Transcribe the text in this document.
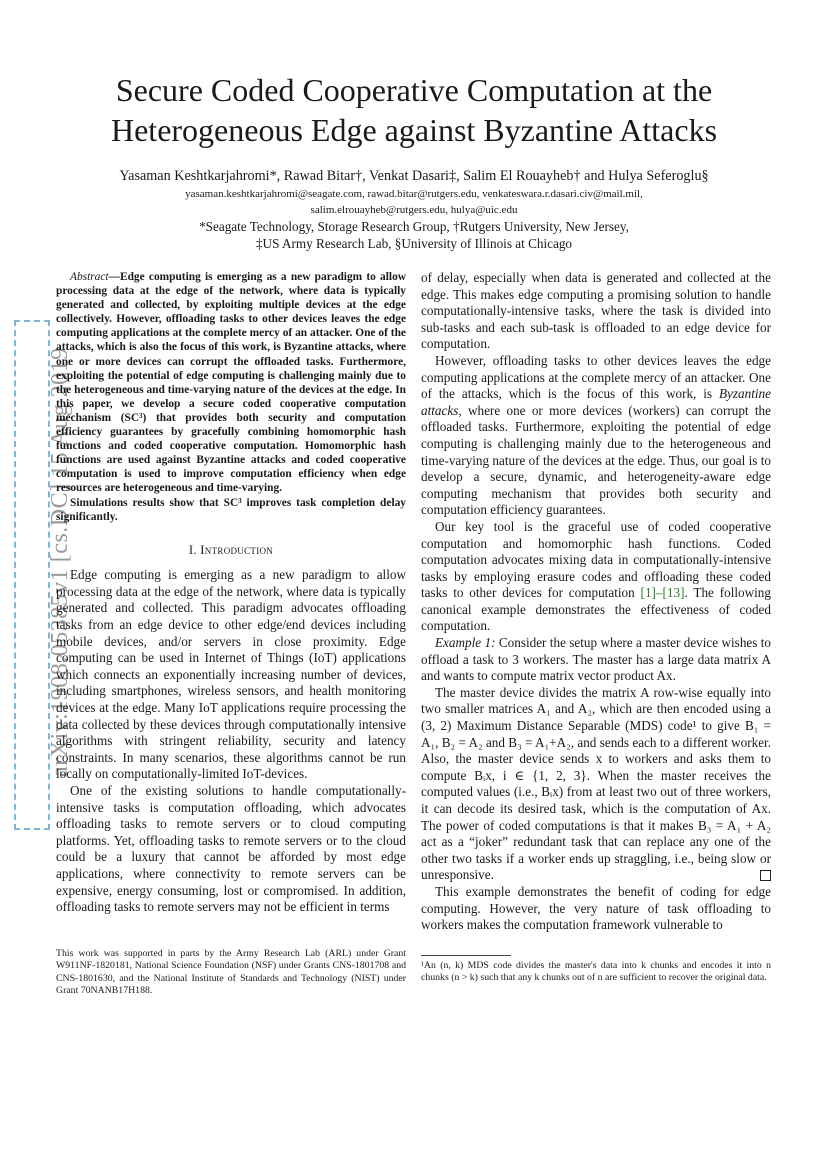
arXiv:1908.05385v1 [cs.DC] 15 Aug 2019
Secure Coded Cooperative Computation at the
Heterogeneous Edge against Byzantine Attacks
Yasaman Keshtkarjahromi*, Rawad Bitar†, Venkat Dasari‡, Salim El Rouayheb† and Hulya Seferoglu§
yasaman.keshtkarjahromi@seagate.com, rawad.bitar@rutgers.edu, venkateswara.r.dasari.civ@mail.mil,
salim.elrouayheb@rutgers.edu, hulya@uic.edu
*Seagate Technology, Storage Research Group, †Rutgers University, New Jersey,
‡US Army Research Lab, §University of Illinois at Chicago

Abstract—Edge computing is emerging as a new paradigm to allow processing data at the edge of the network, where data is typically generated and collected, by exploiting multiple devices at the edge collectively. However, offloading tasks to other devices leaves the edge computing applications at the complete mercy of an attacker. One of the attacks, which is also the focus of this work, is Byzantine attacks, where one or more devices can corrupt the offloaded tasks. Furthermore, exploiting the potential of edge computing is challenging mainly due to the heterogeneous and time-varying nature of the devices at the edge. In this paper, we develop a secure coded cooperative computation mechanism (SC³) that provides both security and computation efficiency guarantees by gracefully combining homomorphic hash functions and coded cooperative computation. Homomorphic hash functions are used against Byzantine attacks and coded cooperative computation is used to improve computation efficiency when edge resources are heterogeneous and time-varying.

Simulations results show that SC³ improves task completion delay significantly.

I. Introduction

Edge computing is emerging as a new paradigm to allow processing data at the edge of the network, where data is typically generated and collected. This paradigm advocates offloading tasks from an edge device to other edge/end devices including mobile devices, and/or servers in close proximity. Edge computing can be used in Internet of Things (IoT) applications which connects an exponentially increasing number of devices, including smartphones, wireless sensors, and health monitoring devices at the edge. Many IoT applications require processing the data collected by these devices through computationally intensive algorithms with stringent reliability, security and latency constraints. In many scenarios, these algorithms cannot be run locally on computationally-limited IoT-devices.

One of the existing solutions to handle computationally-intensive tasks is computation offloading, which advocates offloading tasks to remote servers or to cloud computing platforms. Yet, offloading tasks to remote servers or to the cloud could be a luxury that cannot be afforded by most edge applications, where connectivity to remote servers can be expensive, energy consuming, lost or compromised. In addition, offloading tasks to remote servers may not be efficient in terms

This work was supported in parts by the Army Research Lab (ARL) under Grant W911NF-1820181, National Science Foundation (NSF) under Grants CNS-1801708 and CNS-1801630, and the National Institute of Standards and Technology (NIST) under Grant 70NANB17H188.

of delay, especially when data is generated and collected at the edge. This makes edge computing a promising solution to handle computationally-intensive tasks, where the task is divided into sub-tasks and each sub-task is offloaded to an edge device for computation.

However, offloading tasks to other devices leaves the edge computing applications at the complete mercy of an attacker. One of the attacks, which is the focus of this work, is Byzantine attacks, where one or more devices (workers) can corrupt the offloaded tasks. Furthermore, exploiting the potential of edge computing is challenging mainly due to the heterogeneous and time-varying nature of the devices at the edge. Thus, our goal is to develop a secure, dynamic, and heterogeneity-aware edge computing mechanism that provides both security and computation efficiency guarantees.

Our key tool is the graceful use of coded cooperative computation and homomorphic hash functions. Coded computation advocates mixing data in computationally-intensive tasks by employing erasure codes and offloading these coded tasks to other devices for computation [1]–[13]. The following canonical example demonstrates the effectiveness of coded computation.

Example 1: Consider the setup where a master device wishes to offload a task to 3 workers. The master has a large data matrix A and wants to compute matrix vector product Ax.

The master device divides the matrix A row-wise equally into two smaller matrices A₁ and A₂, which are then encoded using a (3, 2) Maximum Distance Separable (MDS) code¹ to give B₁ = A₁, B₂ = A₂ and B₃ = A₁+A₂, and sends each to a different worker. Also, the master device sends x to workers and asks them to compute Bᵢx, i ∈ {1, 2, 3}. When the master receives the computed values (i.e., Bᵢx) from at least two out of three workers, it can decode its desired task, which is the computation of Ax. The power of coded computations is that it makes B₃ = A₁ + A₂ act as a “joker” redundant task that can replace any one of the other two tasks if a worker ends up straggling, i.e., being slow or unresponsive.

This example demonstrates the benefit of coding for edge computing. However, the very nature of task offloading to workers makes the computation framework vulnerable to

¹An (n, k) MDS code divides the master's data into k chunks and encodes it into n chunks (n > k) such that any k chunks out of n are sufficient to recover the original data.
